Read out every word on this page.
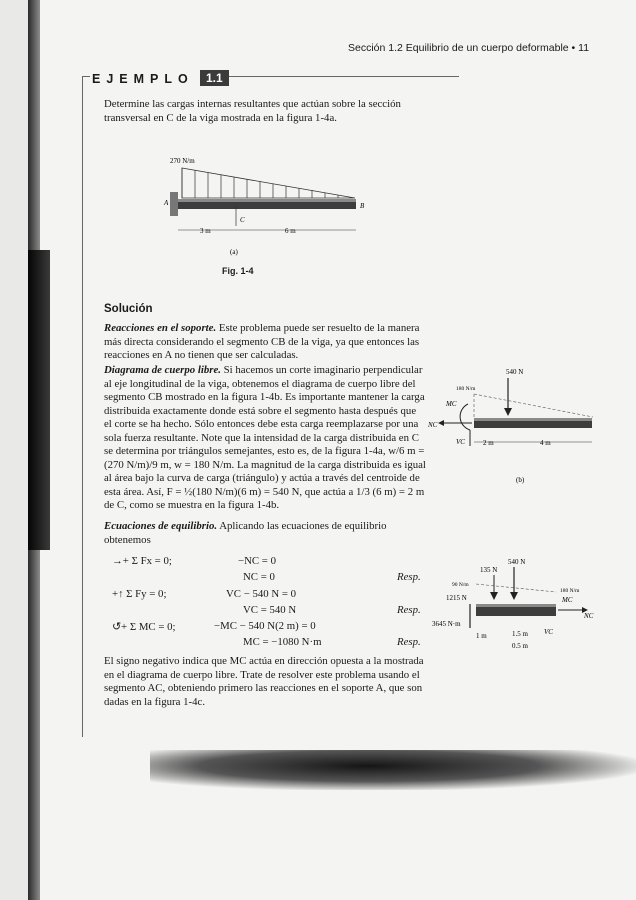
Sección 1.2 Equilibrio de un cuerpo deformable • 11
EJEMPLO	1.1
Determine las cargas internas resultantes que actúan sobre la sección transversal en C de la viga mostrada en la figura 1-4a.
270 N/m
A	B
C
3 m	6 m
(a)
Fig. 1-4
Solución
Reacciones en el soporte. Este problema puede ser resuelto de la manera más directa considerando el segmento CB de la viga, ya que entonces las reacciones en A no tienen que ser calculadas.
Diagrama de cuerpo libre. Si hacemos un corte imaginario perpendicular al eje longitudinal de la viga, obtenemos el diagrama de cuerpo libre del segmento CB mostrado en la figura 1-4b. Es importante mantener la carga distribuida exactamente donde está sobre el segmento hasta después que el corte se ha hecho. Sólo entonces debe esta carga reemplazarse por una sola fuerza resultante. Note que la intensidad de la carga distribuida en C se determina por triángulos semejantes, esto es, de la figura 1-4a, w/6 m = (270 N/m)/9 m, w = 180 N/m. La magnitud de la carga distribuida es igual al área bajo la curva de carga (triángulo) y actúa a través del centroide de esta área. Así, F = ½(180 N/m)(6 m) = 540 N, que actúa a 1/3 (6 m) = 2 m de C, como se muestra en la figura 1-4b.
Ecuaciones de equilibrio. Aplicando las ecuaciones de equilibrio obtenemos
→+ Σ Fx = 0;	−NC = 0
NC = 0	Resp.
+↑ Σ Fy = 0;	VC − 540 N = 0
VC = 540 N	Resp.
↺+ Σ MC = 0;	−MC − 540 N(2 m) = 0
MC = −1080 N·m	Resp.
El signo negativo indica que MC actúa en dirección opuesta a la mostrada en el diagrama de cuerpo libre. Trate de resolver este problema usando el segmento AC, obteniendo primero las reacciones en el soporte A, que son dadas en la figura 1-4c.
540 N
180 N/m
MC
NC
VC	2 m	4 m
(b)
540 N
135 N
90 N/m
180 N/m
1215 N	MC
NC
VC
3645 N·m
1 m	1.5 m
0.5 m
